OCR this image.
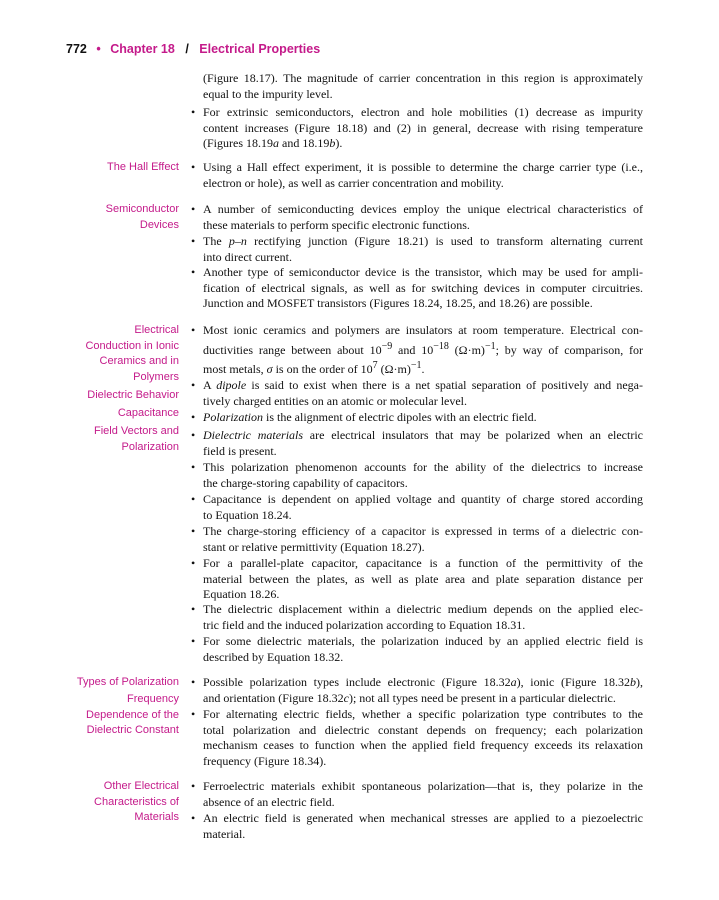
772 • Chapter 18 / Electrical Properties
The Hall Effect
Semiconductor
Devices
Electrical
Conduction in Ionic
Ceramics and in
Polymers
Dielectric Behavior
Capacitance
Field Vectors and
Polarization
Types of Polarization
Frequency
Dependence of the
Dielectric Constant
Other Electrical
Characteristics of
Materials
(Figure 18.17). The magnitude of carrier concentration in this region is approximately
equal to the impurity level.
• For extrinsic semiconductors, electron and hole mobilities (1) decrease as impurity
content increases (Figure 18.18) and (2) in general, decrease with rising temperature
(Figures 18.19a and 18.19b).
• Using a Hall effect experiment, it is possible to determine the charge carrier type (i.e.,
electron or hole), as well as carrier concentration and mobility.
• A number of semiconducting devices employ the unique electrical characteristics of
these materials to perform specific electronic functions.
• The p–n rectifying junction (Figure 18.21) is used to transform alternating current
into direct current.
• Another type of semiconductor device is the transistor, which may be used for ampli-
fication of electrical signals, as well as for switching devices in computer circuitries.
Junction and MOSFET transistors (Figures 18.24, 18.25, and 18.26) are possible.
• Most ionic ceramics and polymers are insulators at room temperature. Electrical con-
ductivities range between about $10^{-9}$ and $10^{-18}$ $(\Omega\cdot m)^{-1}$; by way of comparison, for
most metals, σ is on the order of $10^7$ $(\Omega\cdot m)^{-1}$.
• A dipole is said to exist when there is a net spatial separation of positively and nega-
tively charged entities on an atomic or molecular level.
• Polarization is the alignment of electric dipoles with an electric field.
• Dielectric materials are electrical insulators that may be polarized when an electric
field is present.
• This polarization phenomenon accounts for the ability of the dielectrics to increase
the charge-storing capability of capacitors.
• Capacitance is dependent on applied voltage and quantity of charge stored according
to Equation 18.24.
• The charge-storing efficiency of a capacitor is expressed in terms of a dielectric con-
stant or relative permittivity (Equation 18.27).
• For a parallel-plate capacitor, capacitance is a function of the permittivity of the
material between the plates, as well as plate area and plate separation distance per
Equation 18.26.
• The dielectric displacement within a dielectric medium depends on the applied elec-
tric field and the induced polarization according to Equation 18.31.
• For some dielectric materials, the polarization induced by an applied electric field is
described by Equation 18.32.
• Possible polarization types include electronic (Figure 18.32a), ionic (Figure 18.32b),
and orientation (Figure 18.32c); not all types need be present in a particular dielectric.
• For alternating electric fields, whether a specific polarization type contributes to the
total polarization and dielectric constant depends on frequency; each polarization
mechanism ceases to function when the applied field frequency exceeds its relaxation
frequency (Figure 18.34).
• Ferroelectric materials exhibit spontaneous polarization—that is, they polarize in the
absence of an electric field.
• An electric field is generated when mechanical stresses are applied to a piezoelectric
material.
